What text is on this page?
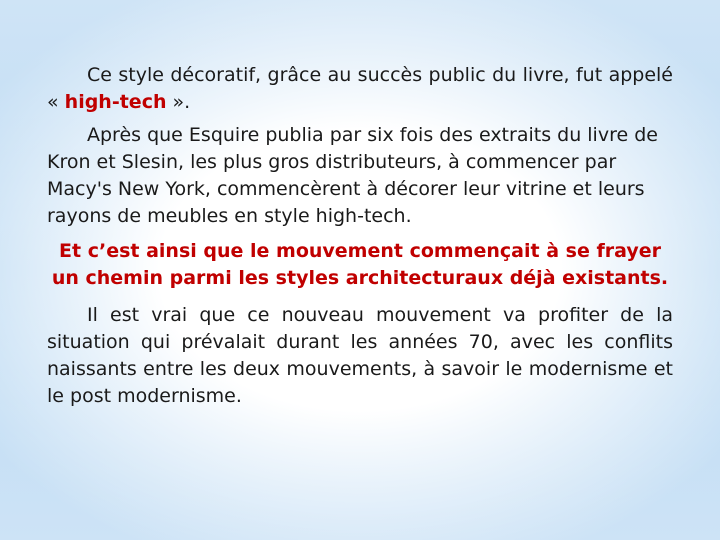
Ce style décoratif, grâce au succès public du livre, fut appelé « high-tech ».

Après que Esquire publia par six fois des extraits du livre de Kron et Slesin, les plus gros distributeurs, à commencer par Macy's New York, commencèrent à décorer leur vitrine et leurs rayons de meubles en style high-tech.

Et c’est ainsi que le mouvement commençait à se frayer un chemin parmi les styles architecturaux déjà existants.

Il est vrai que ce nouveau mouvement va profiter de la situation qui prévalait durant les années 70, avec les conflits naissants entre les deux mouvements, à savoir le modernisme et le post modernisme.
